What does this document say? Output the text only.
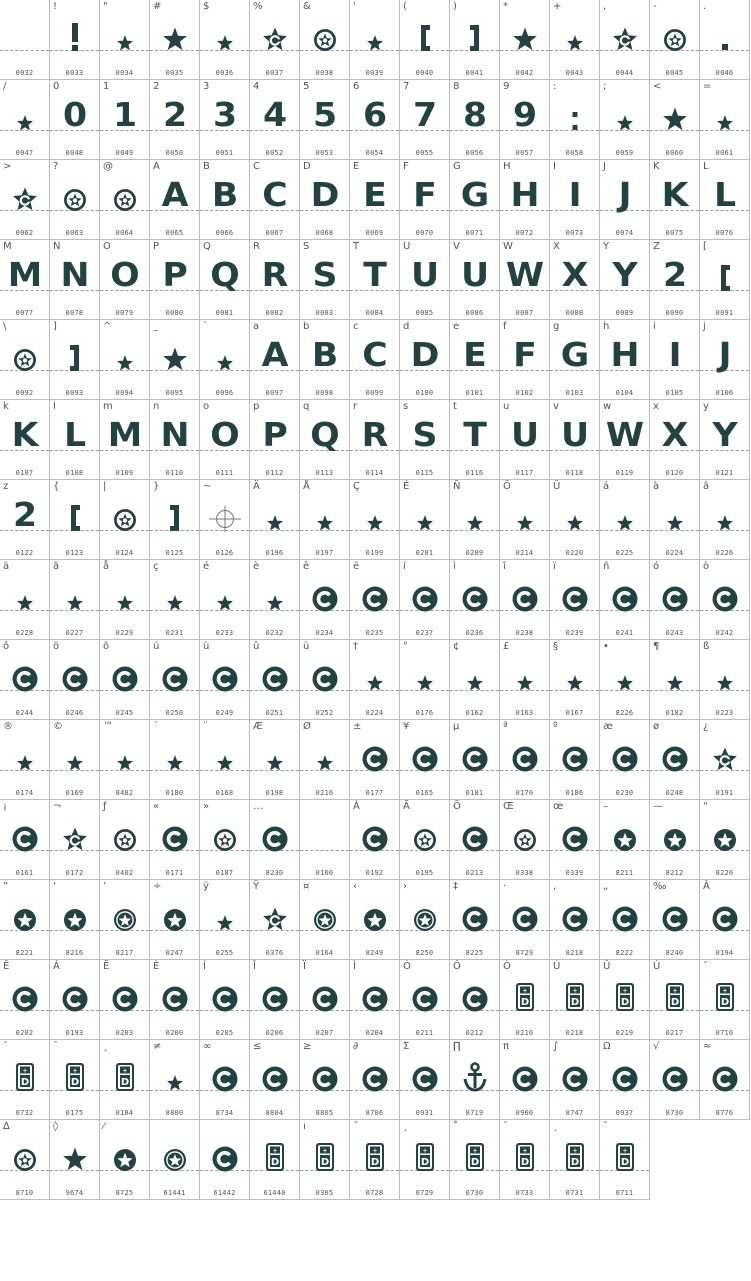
0032
!
0033
"
0034
#
0035
$
0036
%
0037
&
0038
'
0039
(
0040
)
0041
*
0042
+
0043
,
0044
-
0045
.
0046
/
0047
0
0
0048
1
1
0049
2
2
0050
3
3
0051
4
4
0052
5
5
0053
6
6
0054
7
7
0055
8
8
0056
9
9
0057
:
0058
;
0059
<
0060
=
0061
>
0062
?
0063
@
0064
A
A
0065
B
B
0066
C
C
0067
D
D
0068
E
E
0069
F
F
0070
G
G
0071
H
H
0072
I
I
0073
J
J
0074
K
K
0075
L
L
0076
M
M
0077
N
N
0078
O
O
0079
P
P
0080
Q
Q
0081
R
R
0082
S
S
0083
T
T
0084
U
U
0085
V
U
0086
W
W
0087
X
X
0088
Y
Y
0089
Z
2
0090
[
0091
\
0092
]
0093
^
0094
_
0095
`
0096
a
A
0097
b
B
0098
c
C
0099
d
D
0100
e
E
0101
f
F
0102
g
G
0103
h
H
0104
i
I
0105
j
J
0106
k
K
0107
l
L
0108
m
M
0109
n
N
0110
o
O
0111
p
P
0112
q
Q
0113
r
R
0114
s
S
0115
t
T
0116
u
U
0117
v
U
0118
w
W
0119
x
X
0120
y
Y
0121
z
2
0122
{
0123
|
0124
}
0125
~
0126
Ä
0196
Å
0197
Ç
0199
É
0201
Ñ
0209
Ö
0214
Ü
0220
á
0225
à
0224
â
0226
ä
0228
ã
0227
å
0229
ç
0231
é
0233
è
0232
ê
0234
ë
0235
í
0237
ì
0236
î
0238
ï
0239
ñ
0241
ó
0243
ò
0242
ô
0244
ö
0246
õ
0245
ú
0250
ù
0249
û
0251
ü
0252
†
8224
°
0176
¢
0162
£
0163
§
0167
•
8226
¶
0182
ß
0223
®
0174
©
0169
™
8482
´
0180
¨
0168
Æ
0198
Ø
0216
±
0177
¥
0165
µ
0181
ª
0170
º
0186
æ
0230
ø
0248
¿
0191
¡
0161
¬
0172
ƒ
0402
«
0171
»
0187
…
8230	0160
À
0192
Ã
0195
Õ
0213
Œ
0338
œ
0339
–
8211
—
8212
“
8220
”
8221
‘
8216
’
8217
÷
0247
ÿ
0255
Ÿ
0376
¤
0164
‹
8249
›
8250
‡
8225
·
8729
‚
8218
„
8222
‰
8240
Â
0194
Ê
0202
Á
0193
Ë
0203
È
0200
Í
0205
Î
0206
Ï
0207
Ì
0204
Ó
0211
Ô
0212
Ò
+
D
0210
Ú
+
D
0218
Û
+
D
0219
Ù
+
D
0217
ˆ
+
D
0710
˜
+
D
0732
¯
+
D
0175
¸
+
D
0184
≠
8800
∞
8734
≤
8804
≥
8805
∂
8706
Σ
0931
∏
8719
π
0960
∫
8747
Ω
0937
√
8730
≈
8776
∆
8710
◊
9674
⁄
8725	61441	61442
+
D
61440
ı
+
D
0305
˝
+
D
0728
˛
+
D
0729
˚
+
D
0730
˜
+
D
0733
˛
+
D
0731
ˇ
+
D
0711
